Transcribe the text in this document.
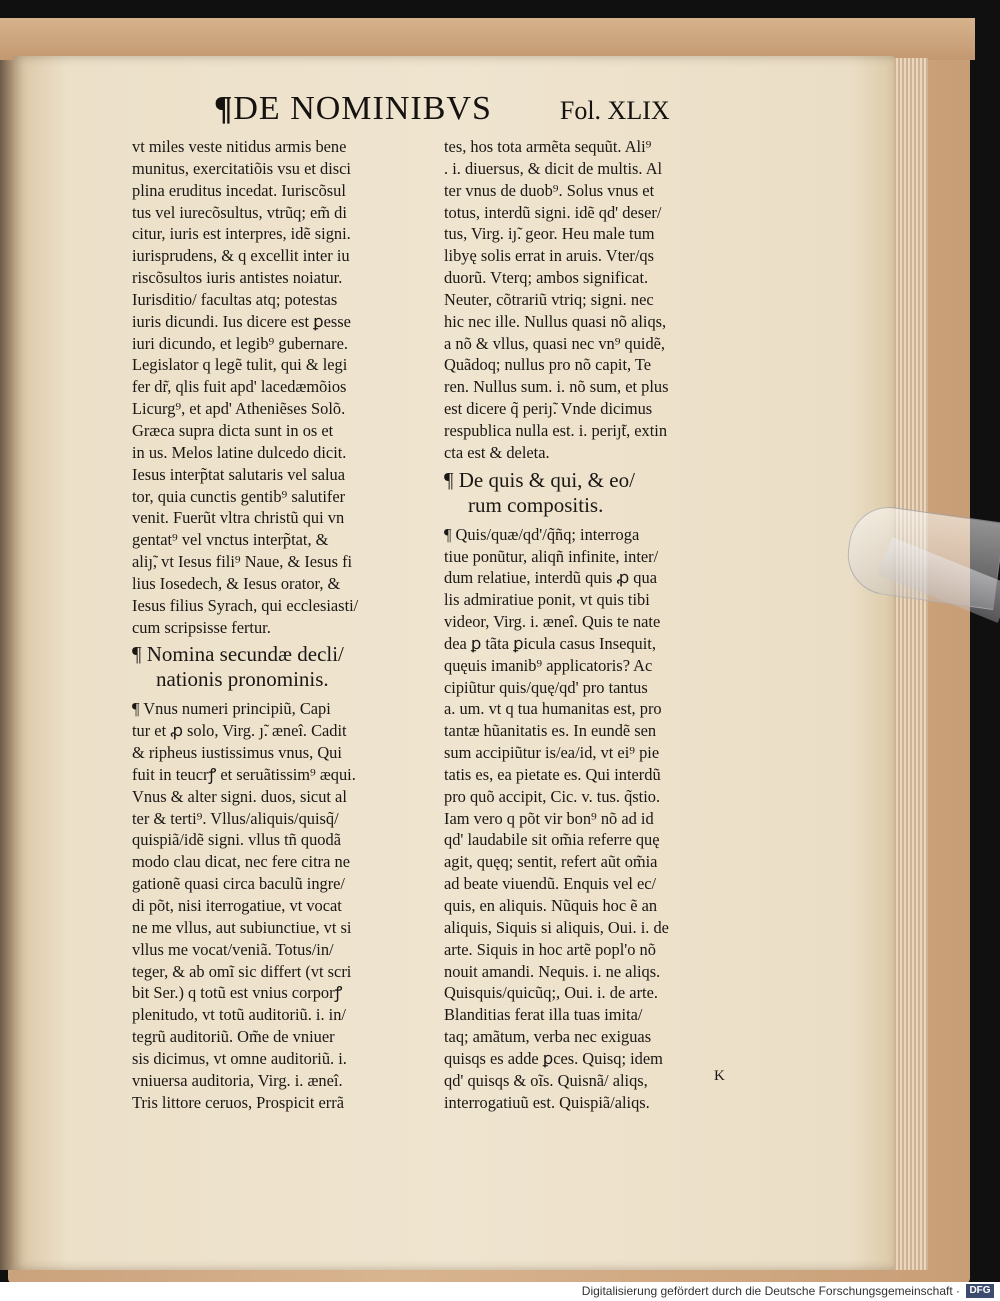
¶DE NOMINIBVS	Fol. XLIX
vt miles veste nitidus armis bene
munitus, exercitatiõis vsu et disci
plina eruditus incedat. Iuriscõsul
tus vel iurecõsultus, vtrũq; em̃ di
citur, iuris est interpres, idẽ signi.
iurisprudens, & q excellit inter iu
riscõsultos iuris antistes noiatur.
Iurisditio/ facultas atq; potestas
iuris dicundi. Ius dicere est ꝑesse
iuri dicundo, et legib⁹ gubernare.
Legislator q legẽ tulit, qui & legi
fer dr̃, qlis fuit apd' lacedæmõios
Licurg⁹, et apd' Atheniẽses Solõ.
Græca supra dicta sunt in os et
in us. Melos latine dulcedo dicit.
Iesus interp̃tat salutaris vel salua
tor, quia cunctis gentib⁹ salutifer
venit. Fuerũt vltra christũ qui vn
gentat⁹ vel vnctus interp̃tat, &
aliȷ̃, vt Iesus fili⁹ Naue, & Iesus fi
lius Iosedech, & Iesus orator, &
Iesus filius Syrach, qui ecclesiasti/
cum scripsisse fertur.
¶ Nomina secundæ decli/
nationis pronominis.
¶ Vnus numeri principiũ, Capi
tur et ꝓ solo, Virg. ȷ̃. æneî. Cadit
& ripheus iustissimus vnus, Qui
fuit in teucrꝭ et seruãtissim⁹ æqui.
Vnus & alter signi. duos, sicut al
ter & terti⁹. Vllus/aliquis/quisq̃/
quispiã/idẽ signi. vllus tñ quodã
modo clau dicat, nec fere citra ne
gationẽ quasi circa baculũ ingre/
di põt, nisi iterrogatiue, vt vocat
ne me vllus, aut subiunctiue, vt si
vllus me vocat/veniã. Totus/in/
teger, & ab omĩ sic differt (vt scri
bit Ser.) q totũ est vnius corporꝭ
plenitudo, vt totũ auditoriũ. i. in/
tegrũ auditoriũ. Om̃e de vniuer
sis dicimus, vt omne auditoriũ. i.
vniuersa auditoria, Virg. i. æneî.
Tris littore ceruos, Prospicit errã
tes, hos tota armẽta sequũt. Ali⁹
. i. diuersus, & dicit de multis. Al
ter vnus de duob⁹. Solus vnus et
totus, interdũ signi. idẽ qd' deser/
tus, Virg. iȷ̃. geor. Heu male tum
libyę solis errat in aruis. Vter/qs
duorũ. Vterq; ambos significat.
Neuter, cõtrariũ vtriq; signi. nec
hic nec ille. Nullus quasi nõ aliqs,
a nõ & vllus, quasi nec vn⁹ quidẽ,
Quãdoq; nullus pro nõ capit, Te
ren. Nullus sum. i. nõ sum, et plus
est dicere q̃ periȷ̃. Vnde dicimus
respublica nulla est. i. periȷ̃t, extin
cta est & deleta.
¶ De quis & qui, & eo/
rum compositis.
¶ Quis/quæ/qd'/q̃ñq; interroga
tiue ponũtur, aliqñ infinite, inter/
dum relatiue, interdũ quis ꝓ qua
lis admiratiue ponit, vt quis tibi
videor, Virg. i. æneî. Quis te nate
dea ꝑ tãta ꝑicula casus Insequit,
quęuis imanib⁹ applicatoris? Ac
cipiũtur quis/quę/qd' pro tantus
a. um. vt q tua humanitas est, pro
tantæ hũanitatis es. In eundẽ sen
sum accipiũtur is/ea/id, vt ei⁹ pie
tatis es, ea pietate es. Qui interdũ
pro quõ accipit, Cic. v. tus. q̃stio.
Iam vero q põt vir bon⁹ nõ ad id
qd' laudabile sit om̃ia referre quę
agit, quęq; sentit, refert aũt om̃ia
ad beate viuendũ. Enquis vel ec/
quis, en aliquis. Nũquis hoc ẽ an
aliquis, Siquis si aliquis, Oui. i. de
arte. Siquis in hoc artẽ popl'o nõ
nouit amandi. Nequis. i. ne aliqs.
Quisquis/quicũq;, Oui. i. de arte.
Blanditias ferat illa tuas imita/
taq; amãtum, verba nec exiguas
quisqs es adde ꝑces. Quisq; idem
qd' quisqs & oĩs. Quisnã/ aliqs,
interrogatiuũ est. Quispiã/aliqs.
K
Digitalisierung gefördert durch die Deutsche Forschungsgemeinschaft · DFG
